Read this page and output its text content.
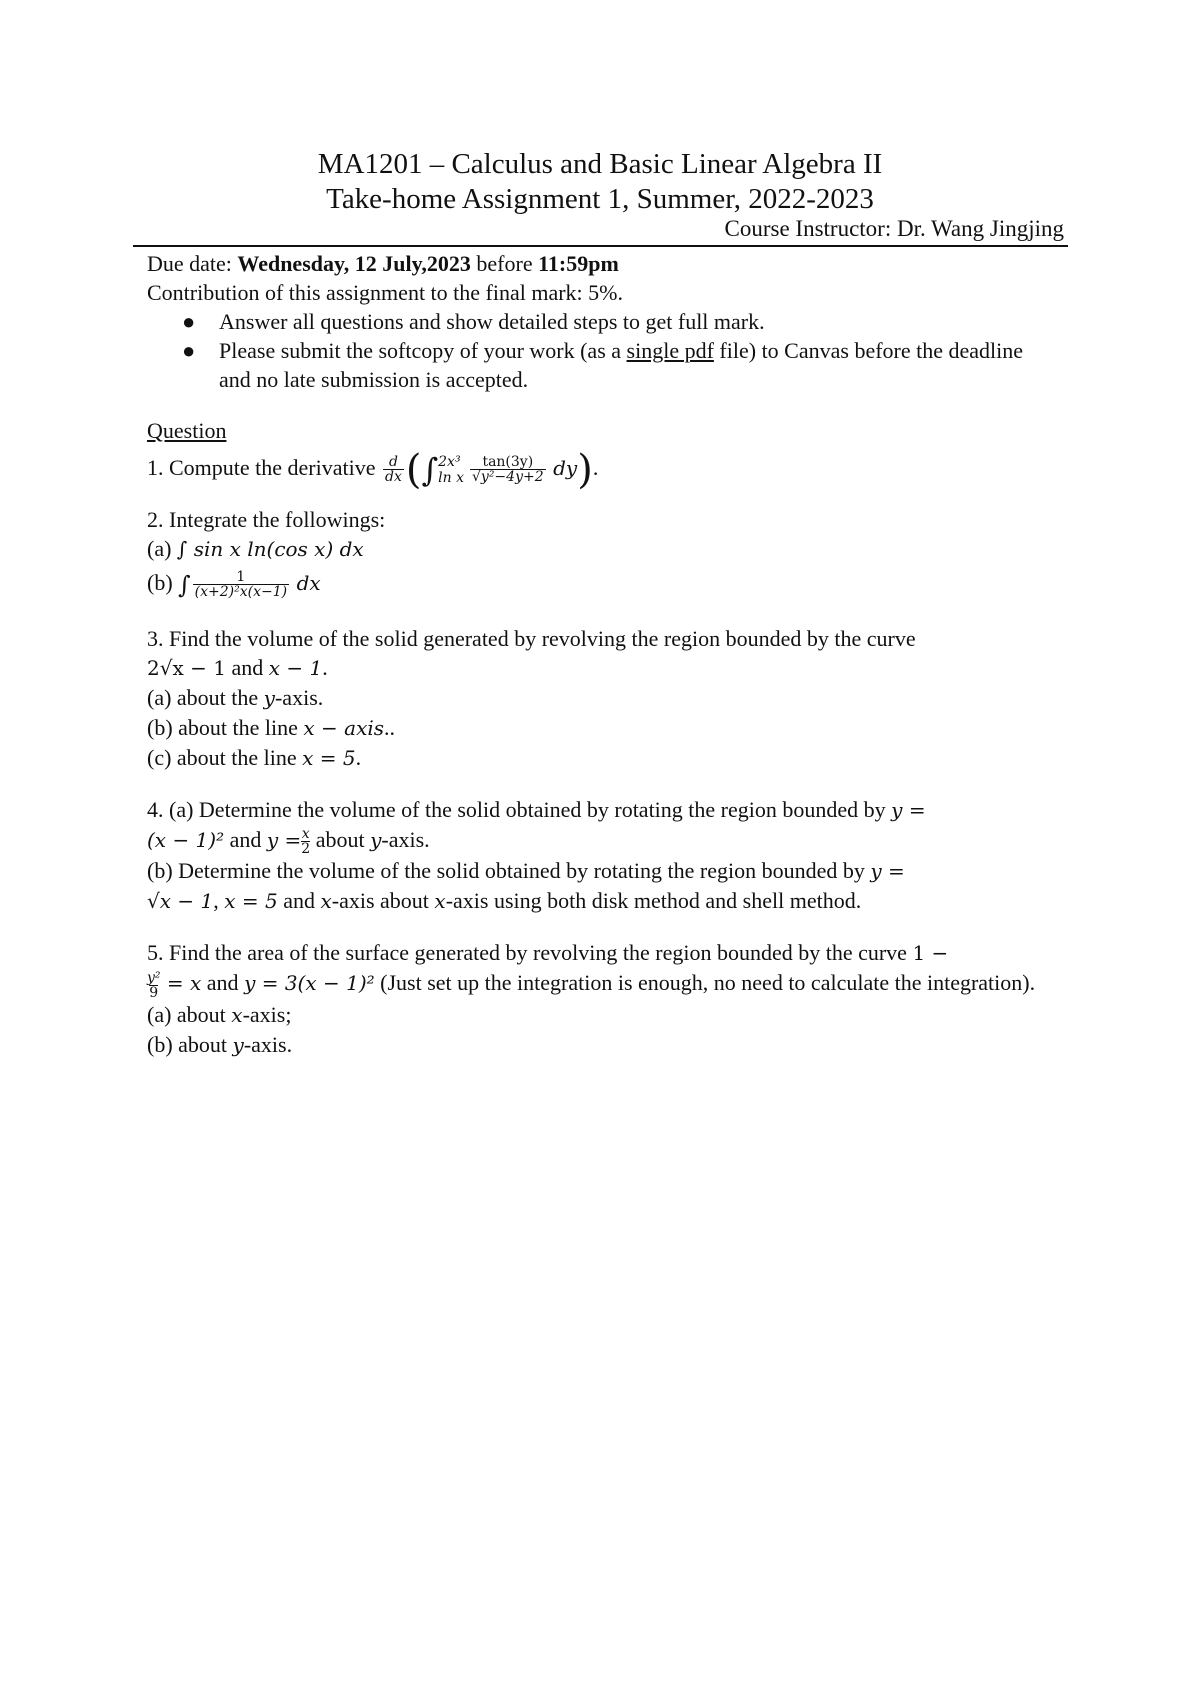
MA1201 – Calculus and Basic Linear Algebra II
Take-home Assignment 1, Summer, 2022-2023
Course Instructor: Dr. Wang Jingjing

Due date: Wednesday, 12 July,2023 before 11:59pm

Contribution of this assignment to the final mark: 5%.

● Answer all questions and show detailed steps to get full mark.
● Please submit the softcopy of your work (as a single pdf file) to Canvas before the deadline and no late submission is accepted.

Question

1. Compute the derivative $\frac{d}{dx}$ (∫ 2x³
ln x $\frac{\tan(3y)}{\text{√y²−4y+2}} dy$).

2. Integrate the followings:

(a) ∫ sin x ln(cos x) dx

(b) ∫ $\frac{1}{\text{(x+2)²x(x−1)}}$ dx

3. Find the volume of the solid generated by revolving the region bounded by the curve
2√x − 1 and x − 1.

(a) about the y-axis.

(b) about the line x − axis..

(c) about the line x = 5.

4. (a) Determine the volume of the solid obtained by rotating the region bounded by y =
(x − 1)² and $y = \frac{x}{2}$ about y-axis.

(b) Determine the volume of the solid obtained by rotating the region bounded by y =
√x − 1, x = 5 and x-axis about x-axis using both disk method and shell method.

5. Find the area of the surface generated by revolving the region bounded by the curve 1 −

$\frac{\text{y²}}{9} = x$ and y = 3(x − 1)² (Just set up the integration is enough, no need to calculate the integration).

(a) about x-axis;

(b) about y-axis.
